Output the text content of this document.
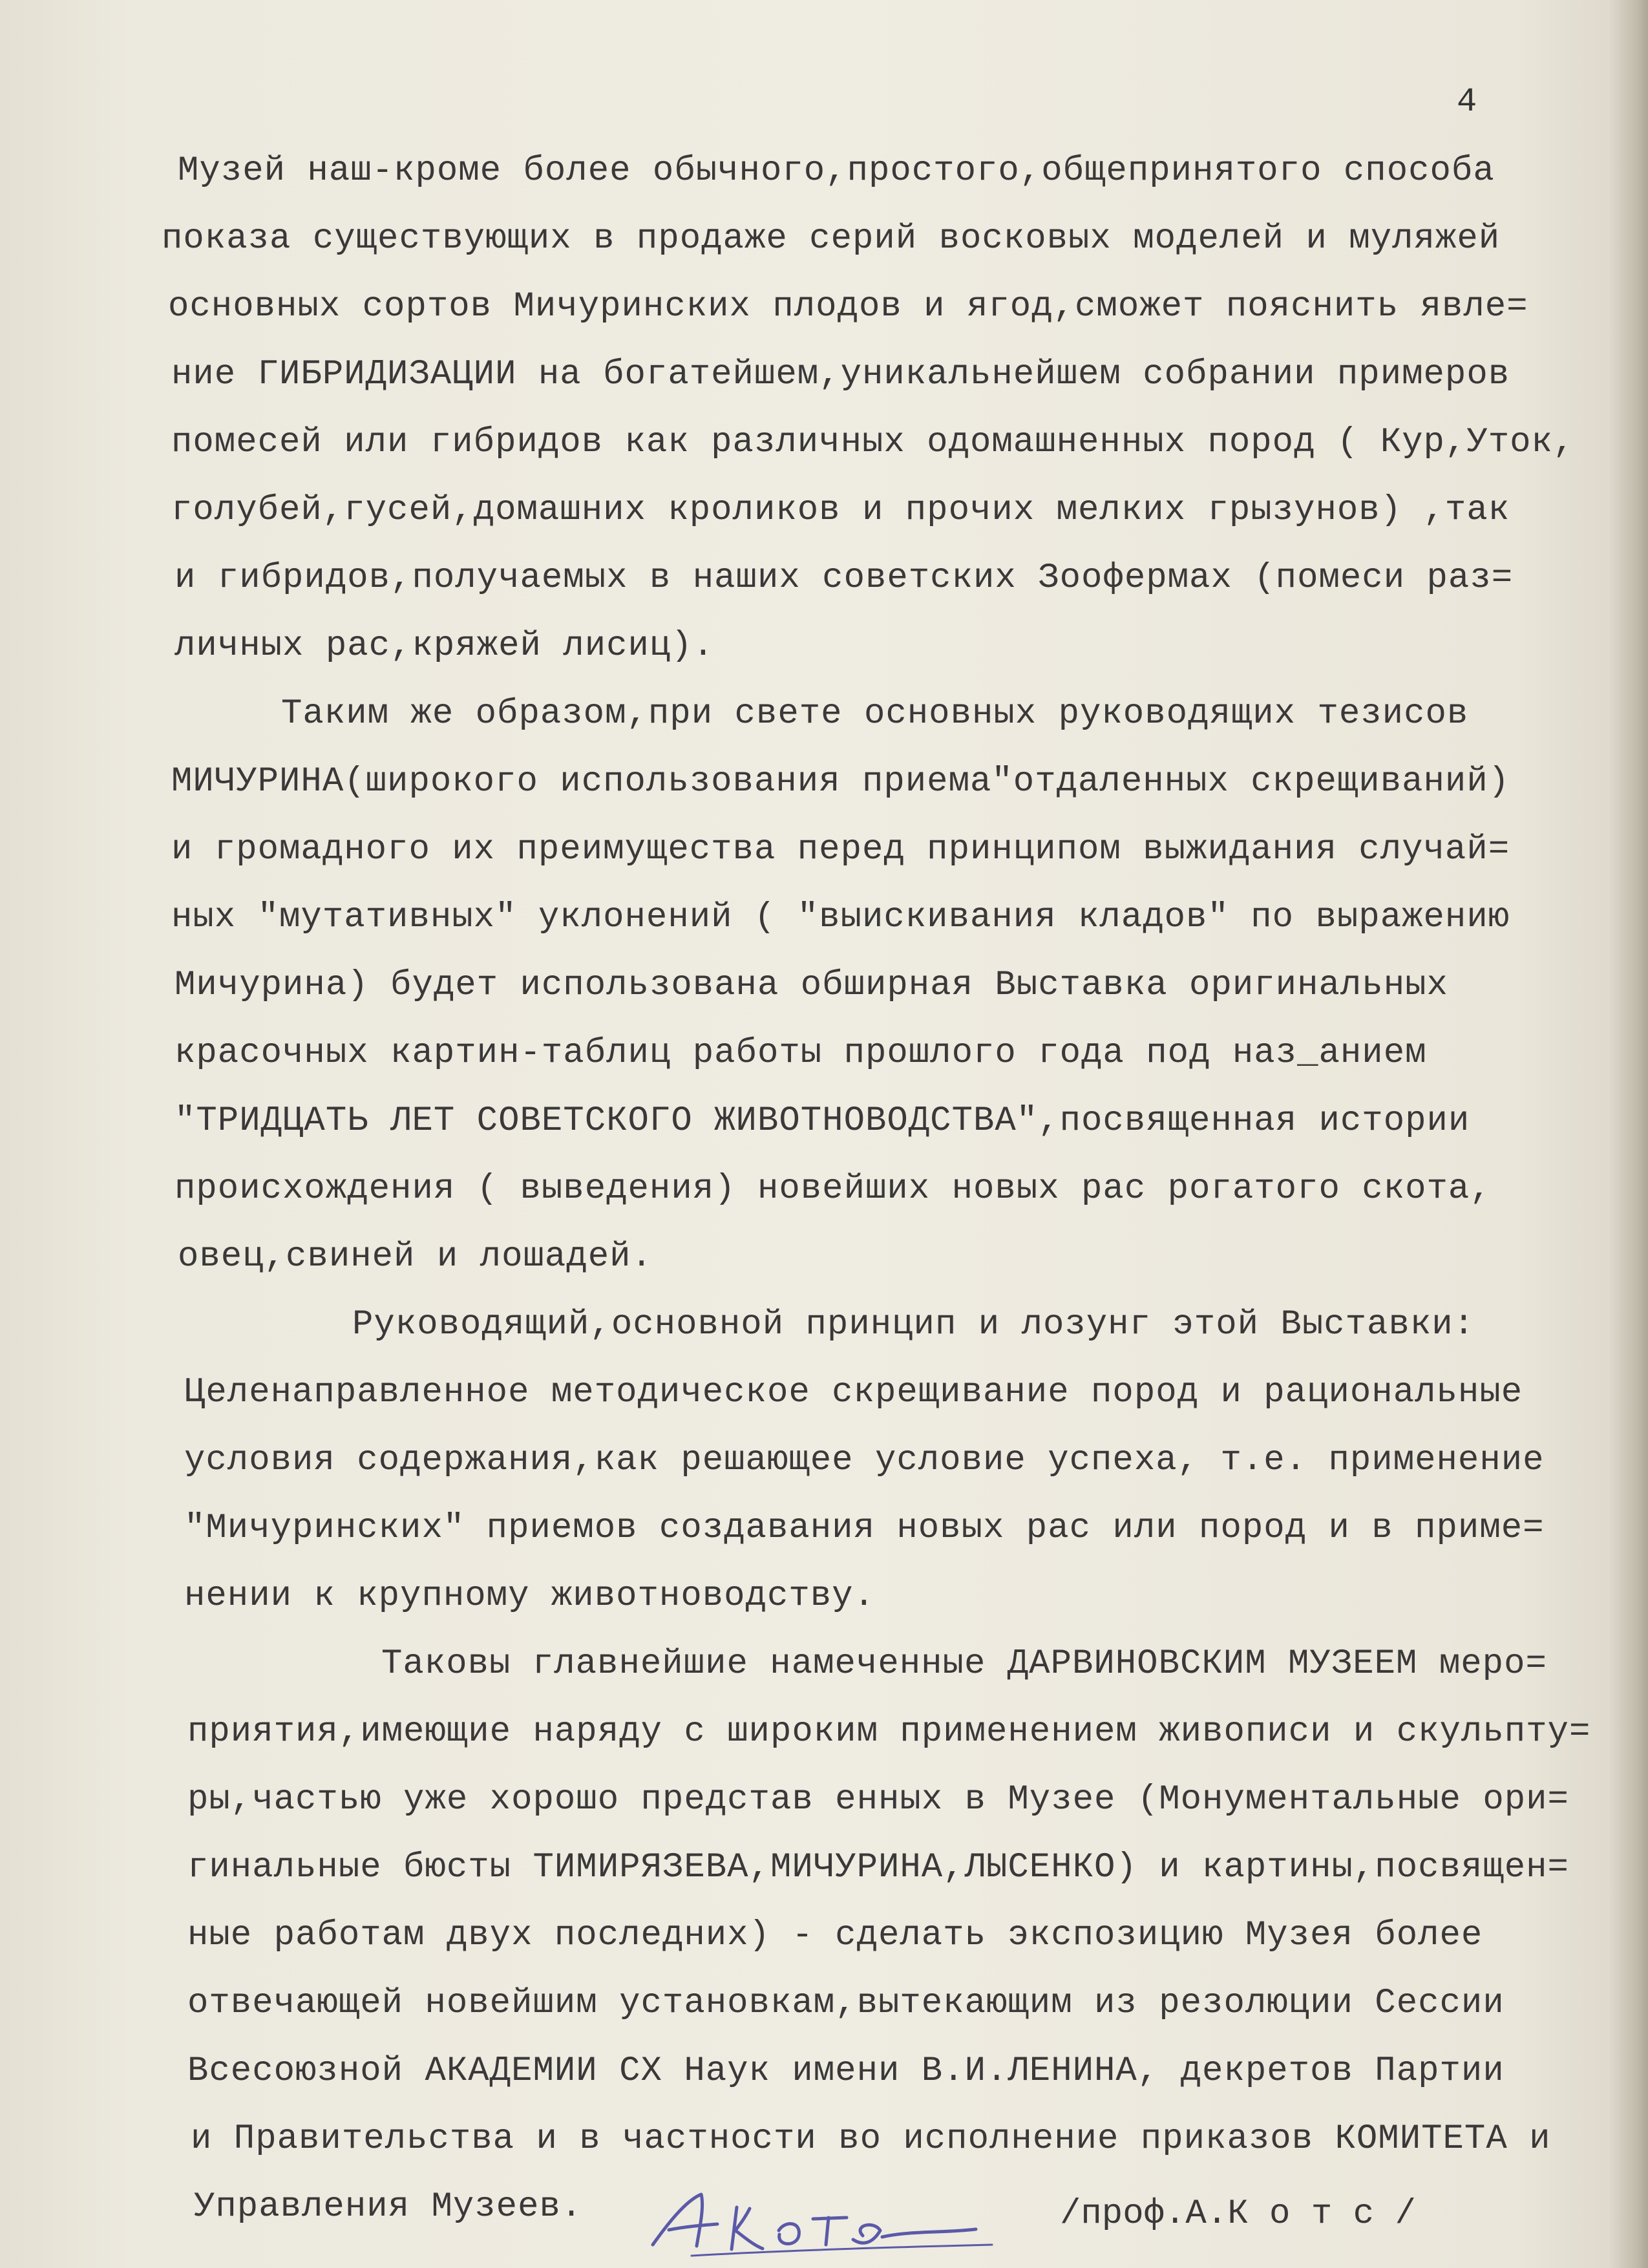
4
Музей наш-кроме более обычного,простого,общепринятого способа
показа существующих в продаже серий восковых моделей и муляжей
основных сортов Мичуринских плодов и ягод,сможет пояснить явле=
ние ГИБРИДИЗАЦИИ на богатейшем,уникальнейшем собрании примеров
помесей или гибридов как различных одомашненных пород ( Кур,Уток,
голубей,гусей,домашних кроликов и прочих мелких грызунов) ,так
и гибридов,получаемых в наших советских Зоофермах (помеси раз=
личных рас,кряжей лисиц).
Таким же образом,при свете основных руководящих тезисов
МИЧУРИНА(широкого использования приема"отдаленных скрещиваний)
и громадного их преимущества перед принципом выжидания случай=
ных "мутативных" уклонений ( "выискивания кладов" по выражению
Мичурина) будет использована обширная Выставка оригинальных
красочных картин-таблиц работы прошлого года под наз_анием
"ТРИДЦАТЬ ЛЕТ СОВЕТСКОГО ЖИВОТНОВОДСТВА",посвященная истории
происхождения ( выведения) новейших новых рас рогатого скота,
овец,свиней и лошадей.
Руководящий,основной принцип и лозунг этой Выставки:
Целенаправленное методическое скрещивание пород и рациональные
условия содержания,как решающее условие успеха, т.е. применение
"Мичуринских" приемов создавания новых рас или пород и в приме=
нении к крупному животноводству.
Таковы главнейшие намеченные ДАРВИНОВСКИМ МУЗЕЕМ меро=
приятия,имеющие наряду с широким применением живописи и скульпту=
ры,частью уже хорошо представ енных в Музее (Монументальные ори=
гинальные бюсты ТИМИРЯЗЕВА,МИЧУРИНА,ЛЫСЕНКО) и картины,посвящен=
ные работам двух последних) - сделать экспозицию Музея более
отвечающей новейшим установкам,вытекающим из резолюции Сессии
Всесоюзной АКАДЕМИИ СХ Наук имени В.И.ЛЕНИНА, декретов Партии
и Правительства и в частности во исполнение приказов КОМИТЕТА и
Управления Музеев.	/проф.А.К о т с /
